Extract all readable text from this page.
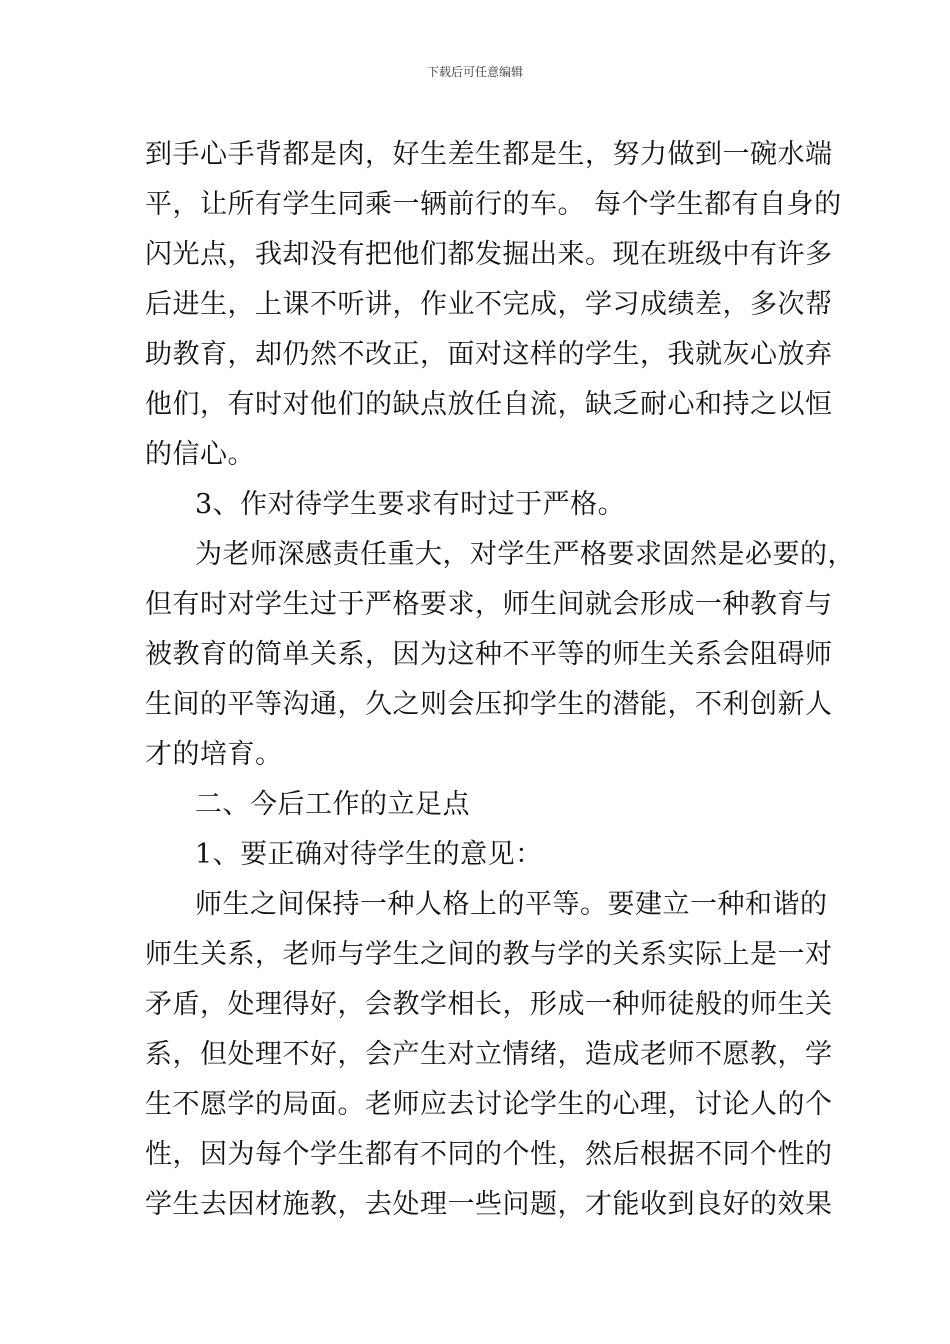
下载后可任意编辑
到手心手背都是肉，好生差生都是生，努力做到一碗水端
平，让所有学生同乘一辆前行的车。 每个学生都有自身的
闪光点，我却没有把他们都发掘出来。现在班级中有许多
后进生，上课不听讲，作业不完成，学习成绩差，多次帮
助教育，却仍然不改正，面对这样的学生，我就灰心放弃
他们，有时对他们的缺点放任自流，缺乏耐心和持之以恒
的信心。
3、作对待学生要求有时过于严格。
为老师深感责任重大，对学生严格要求固然是必要的，
但有时对学生过于严格要求，师生间就会形成一种教育与
被教育的简单关系，因为这种不平等的师生关系会阻碍师
生间的平等沟通，久之则会压抑学生的潜能，不利创新人
才的培育。
二、今后工作的立足点
1、要正确对待学生的意见：
师生之间保持一种人格上的平等。要建立一种和谐的
师生关系，老师与学生之间的教与学的关系实际上是一对
矛盾，处理得好，会教学相长，形成一种师徒般的师生关
系，但处理不好，会产生对立情绪，造成老师不愿教，学
生不愿学的局面。老师应去讨论学生的心理，讨论人的个
性，因为每个学生都有不同的个性，然后根据不同个性的
学生去因材施教，去处理一些问题，才能收到良好的效果
